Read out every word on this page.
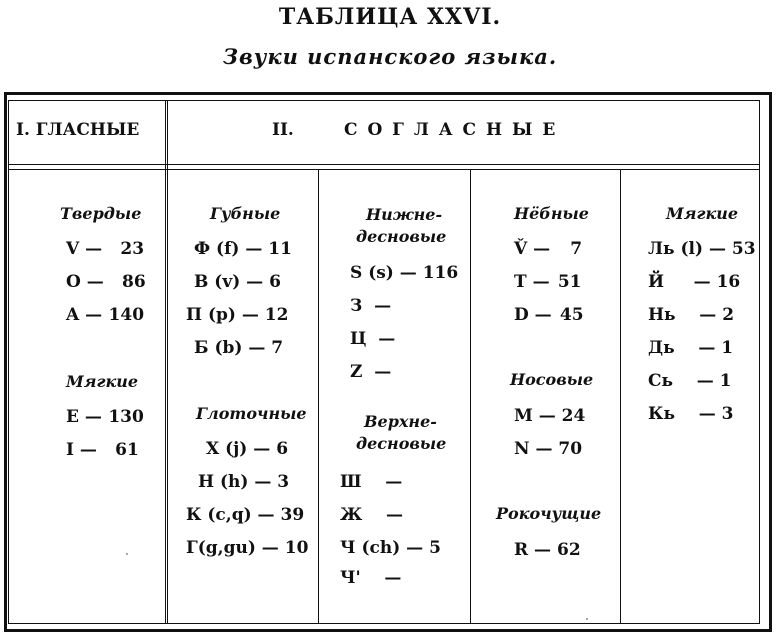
ТАБЛИЦА XXVI.
Звуки испанского языка.
I. ГЛАСНЫЕ	II.	С О Г Л А С Н Ы Е
Твердые
V — 23
O — 86
A — 140
Мягкие
E — 130
I — 61
Губные
Ф (f) — 11
В (v) — 6
П (p) — 12
Б (b) — 7
Глоточные
Х (j) — 6
Н (h) — 3
К (c,q) — 39
Г(g,gu) — 10
Нижне-
десновые
S (s) — 116
З  —
Ц  —
Z  —
Верхне-
десновые
Ш    —
Ж    —
Ч (ch) — 5
Ч'    —
Нёбные
V̌ — 7
T — 51
D — 45
Носовые
M — 24
N — 70
Рокочущие
R — 62
Мягкие
Ль (l) — 53
Й     — 16
Нь    — 2
Дь    — 1
Сь    — 1
Кь    — 3
